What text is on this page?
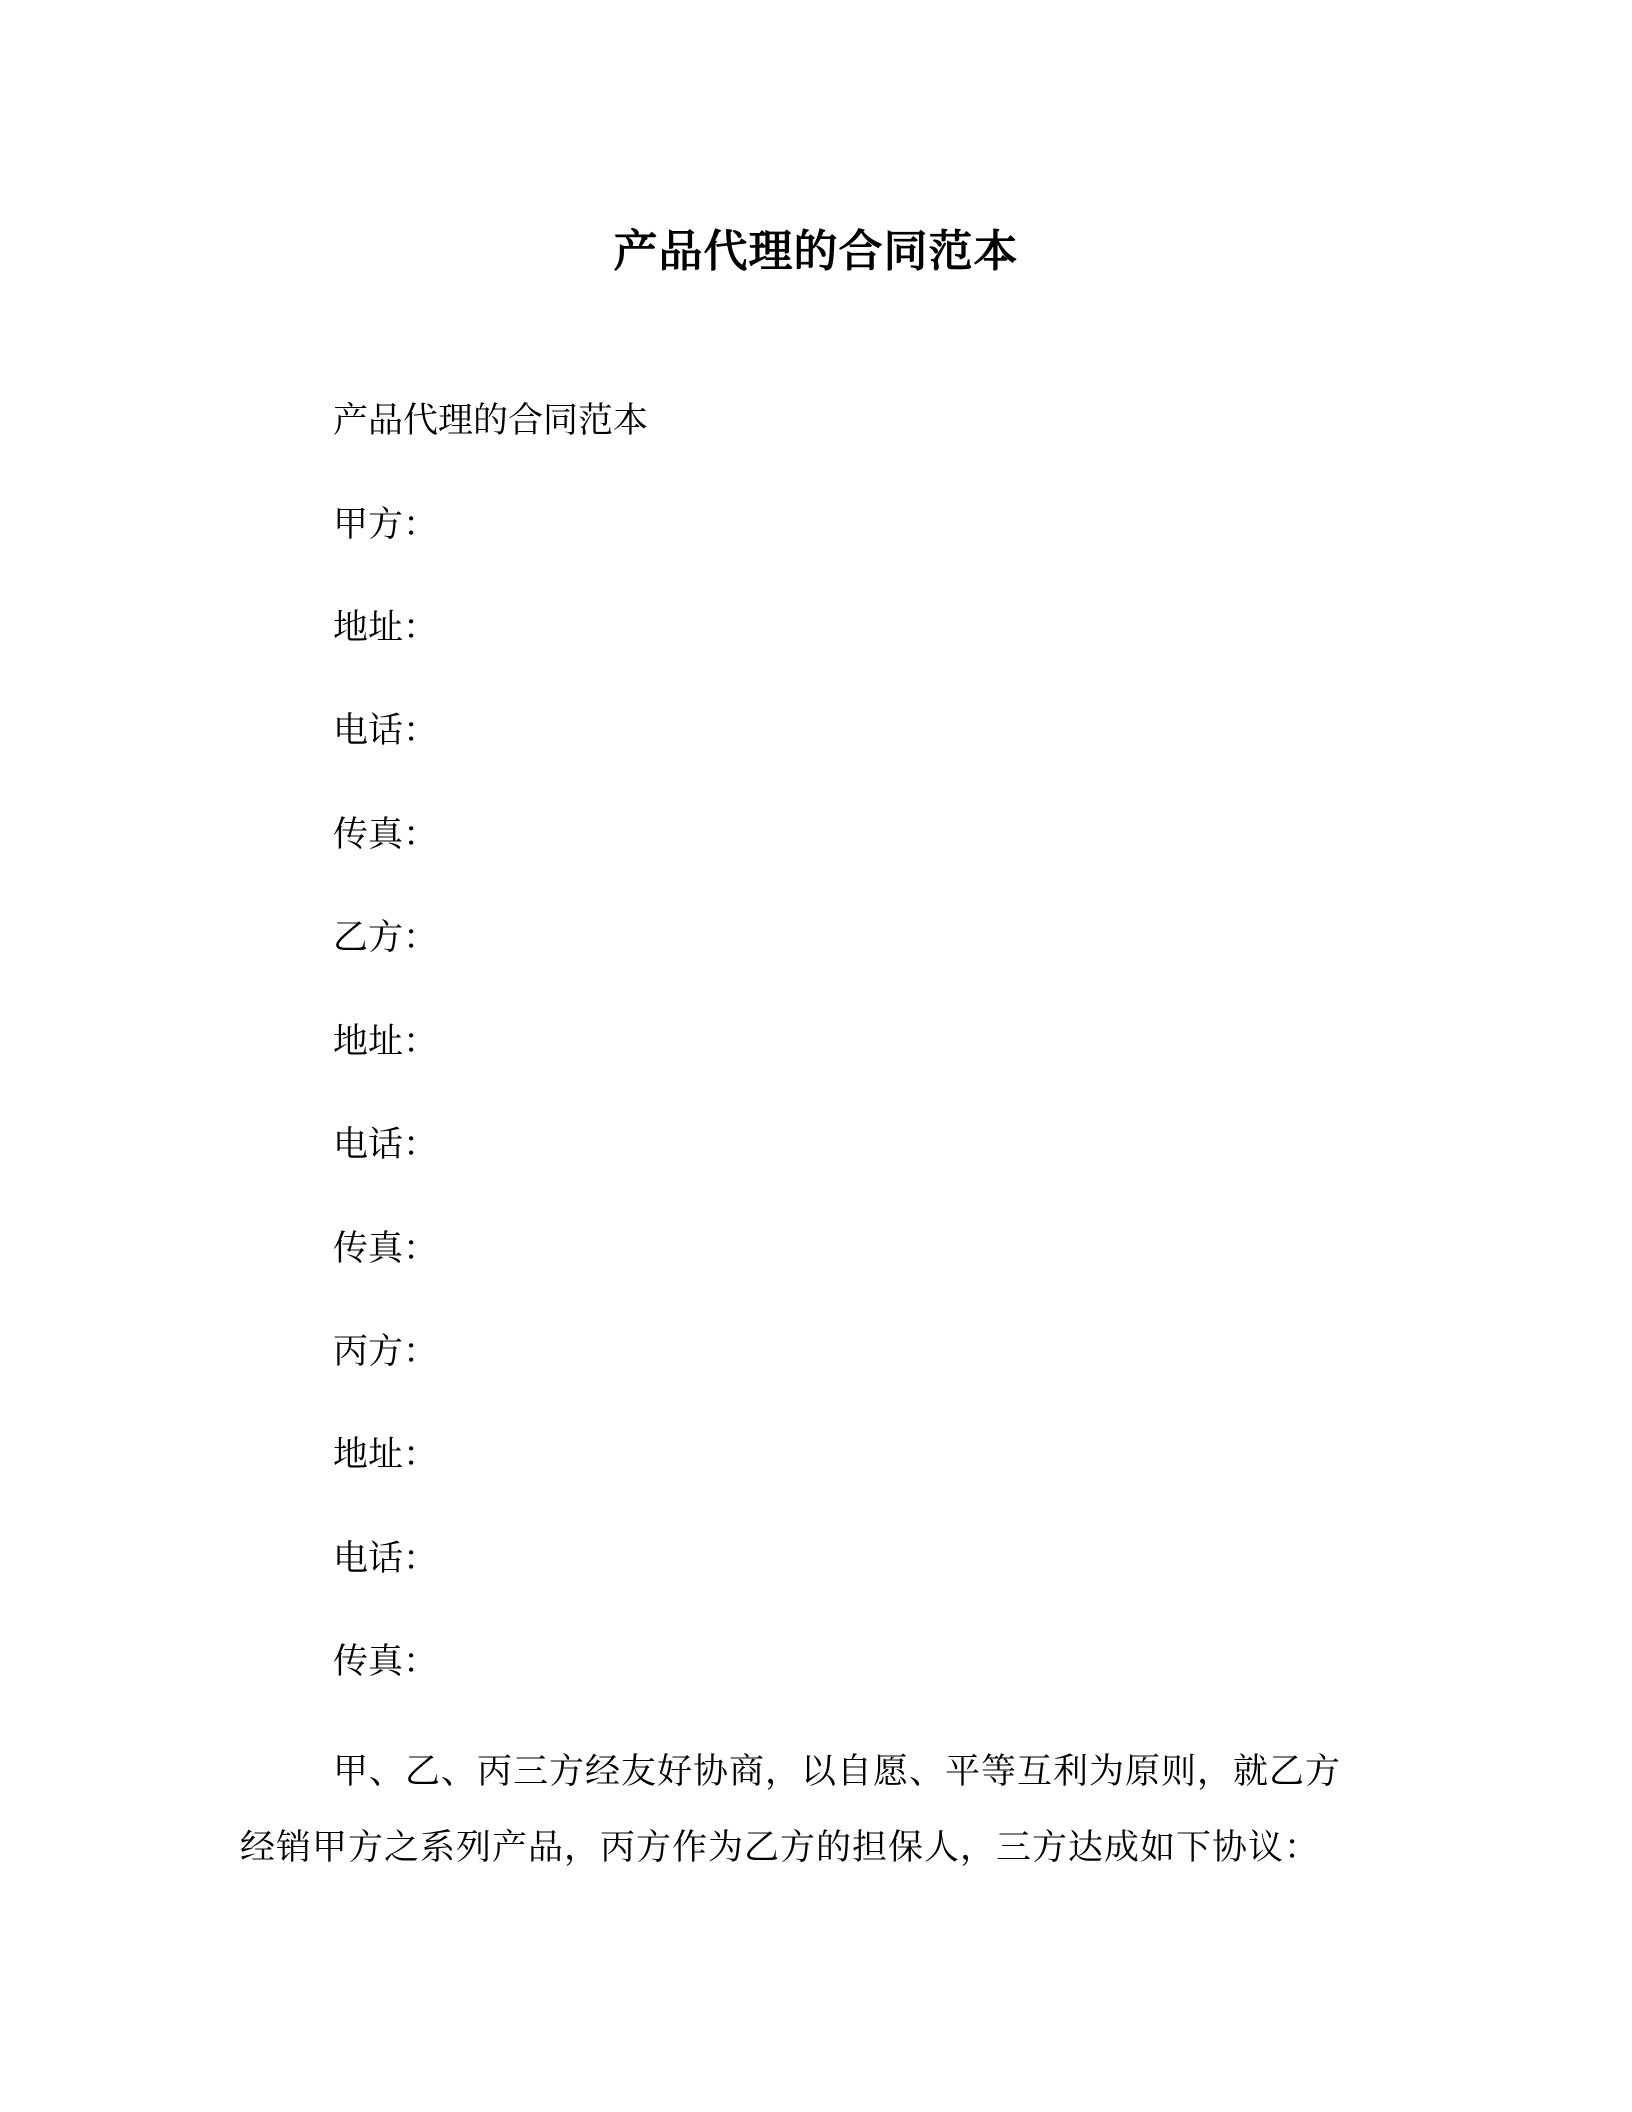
产品代理的合同范本
产品代理的合同范本
甲方：
地址：
电话：
传真：
乙方：
地址：
电话：
传真：
丙方：
地址：
电话：
传真：
甲、乙、丙三方经友好协商，以自愿、平等互利为原则，就乙方经销甲方之系列产品，丙方作为乙方的担保人，三方达成如下协议：
